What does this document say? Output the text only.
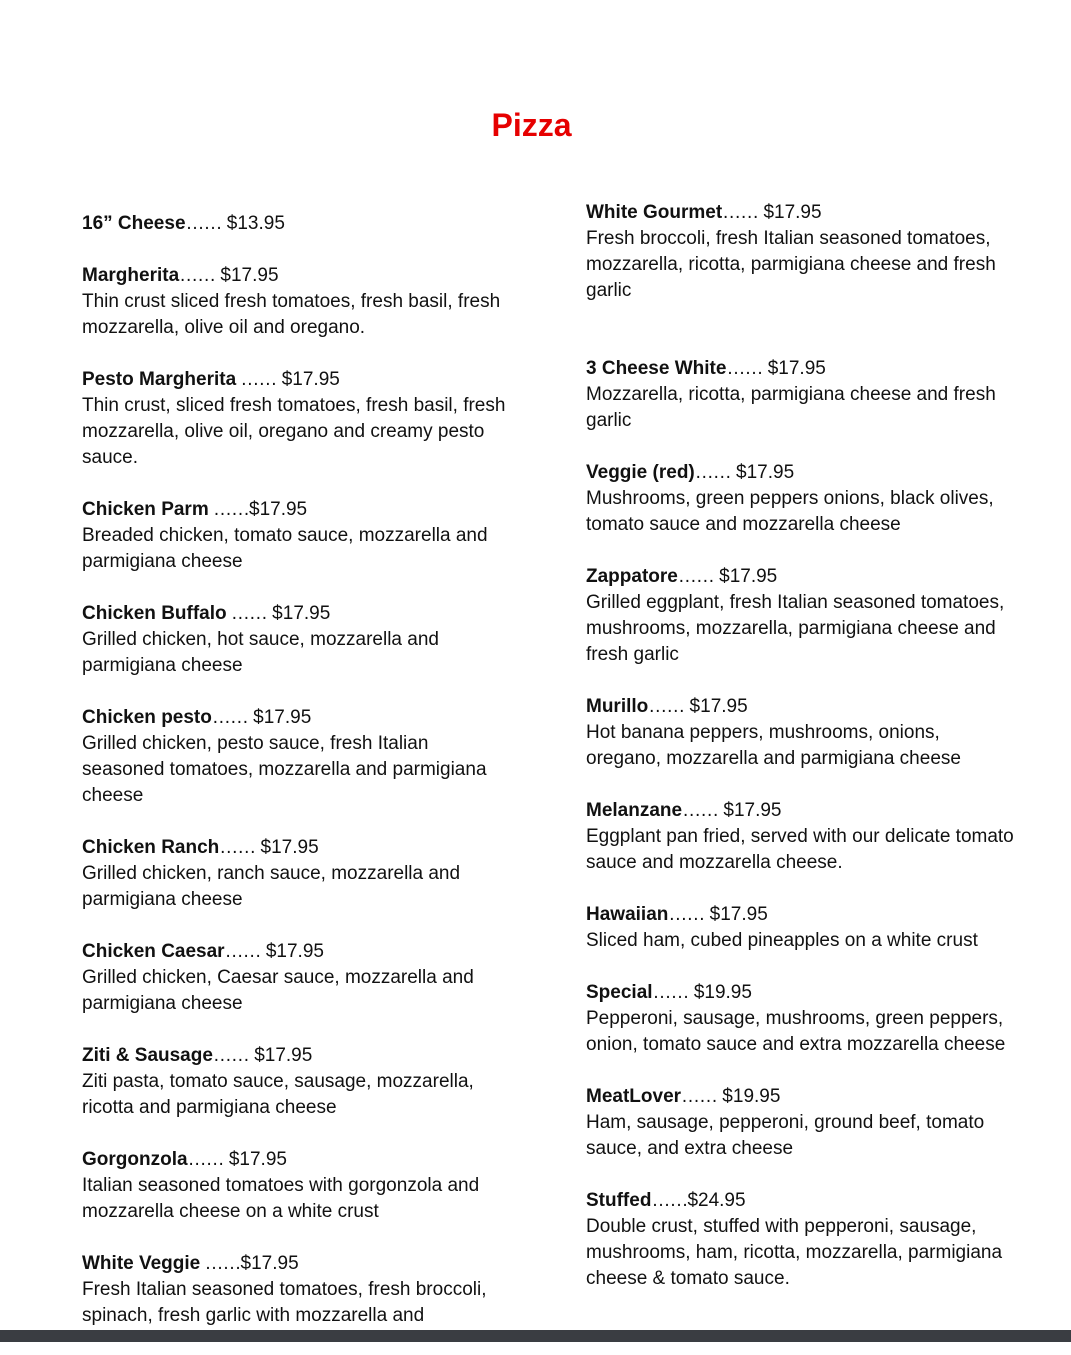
Pizza
16” Cheese…… $13.95
Margherita…… $17.95
Thin crust sliced fresh tomatoes, fresh basil, fresh mozzarella, olive oil and oregano.
Pesto Margherita …… $17.95
Thin crust, sliced fresh tomatoes, fresh basil, fresh mozzarella, olive oil, oregano and creamy pesto sauce.
Chicken Parm ……$17.95
Breaded chicken, tomato sauce, mozzarella and parmigiana cheese
Chicken Buffalo …… $17.95
Grilled chicken, hot sauce, mozzarella and parmigiana cheese
Chicken pesto…… $17.95
Grilled chicken, pesto sauce, fresh Italian seasoned tomatoes, mozzarella and parmigiana cheese
Chicken Ranch…… $17.95
Grilled chicken, ranch sauce, mozzarella and parmigiana cheese
Chicken Caesar…… $17.95
Grilled chicken, Caesar sauce, mozzarella and parmigiana cheese
Ziti & Sausage…… $17.95
Ziti pasta, tomato sauce, sausage, mozzarella, ricotta and parmigiana cheese
Gorgonzola…… $17.95
Italian seasoned tomatoes with gorgonzola and mozzarella cheese on a white crust
White Veggie ……$17.95
Fresh Italian seasoned tomatoes, fresh broccoli, spinach, fresh garlic with mozzarella and
White Gourmet…… $17.95
Fresh broccoli, fresh Italian seasoned tomatoes, mozzarella, ricotta, parmigiana cheese and fresh garlic
3 Cheese White…… $17.95
Mozzarella, ricotta, parmigiana cheese and fresh garlic
Veggie (red)…… $17.95
Mushrooms, green peppers onions, black olives, tomato sauce and mozzarella cheese
Zappatore…… $17.95
Grilled eggplant, fresh Italian seasoned tomatoes, mushrooms, mozzarella, parmigiana cheese and fresh garlic
Murillo…… $17.95
Hot banana peppers, mushrooms, onions, oregano, mozzarella and parmigiana cheese
Melanzane…… $17.95
Eggplant pan fried, served with our delicate tomato sauce and mozzarella cheese.
Hawaiian…… $17.95
Sliced ham, cubed pineapples on a white crust
Special…… $19.95
Pepperoni, sausage, mushrooms, green peppers, onion, tomato sauce and extra mozzarella cheese
MeatLover…… $19.95
Ham, sausage, pepperoni, ground beef, tomato sauce, and extra cheese
Stuffed……$24.95
Double crust, stuffed with pepperoni, sausage, mushrooms, ham, ricotta, mozzarella, parmigiana cheese & tomato sauce.
